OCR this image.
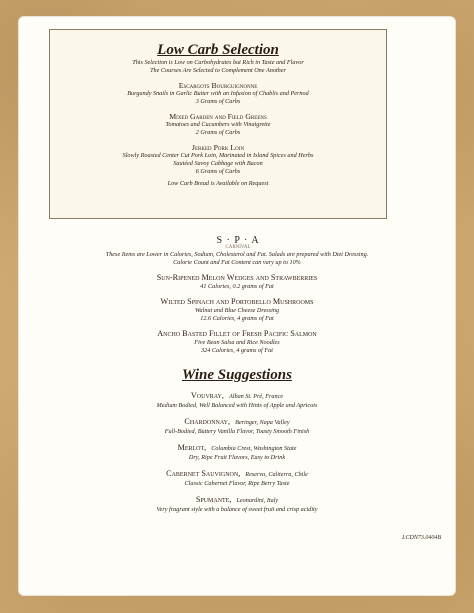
Low Carb Selection
This Selection is Low on Carbohydrates but Rich in Taste and Flavor
The Courses Are Selected to Complement One Another
Escargots Bourguignonne
Burgundy Snails in Garlic Butter with an Infusion of Chablis and Pernod
3 Grams of Carbs
Mixed Garden and Field Greens
Tomatoes and Cucumbers with Vinaigrette
2 Grams of Carbs
Jerked Pork Loin
Slowly Roasted Center Cut Pork Loin, Marinated in Island Spices and Herbs
Sautéed Savoy Cabbage with Bacon
6 Grams of Carbs
Low Carb Bread is Available on Request
S · P · A
CARNIVAL
These Items are Lower in Calories, Sodium, Cholesterol and Fat. Salads are prepared with Diet Dressing.
Calorie Count and Fat Content can vary up to 10%
Sun-Ripened Melon Wedges and Strawberries
41 Calories, 0.2 grams of Fat
Wilted Spinach and Portobello Mushrooms
Walnut and Blue Cheese Dressing
12.6 Calories, 4 grams of Fat
Ancho Basted Fillet of Fresh Pacific Salmon
Five Bean Salsa and Rice Noodles
324 Calories, 4 grams of Fat
Wine Suggestions
Vouvray, Alban St. Pré, France
Medium Bodied, Well Balanced with Hints of Apple and Apricots
Chardonnay, Beringer, Napa Valley
Full-Bodied, Buttery Vanilla Flavor, Toasty Smooth Finish
Merlot, Columbia Crest, Washington State
Dry, Ripe Fruit Flavors, Easy to Drink
Cabernet Sauvignon, Reserva, Caliterra, Chile
Classic Cabernet Flavor, Ripe Berry Taste
Spumante, Leonardini, Italy
Very fragrant style with a balance of sweet fruit and crisp acidity
LCDN73.0404B
